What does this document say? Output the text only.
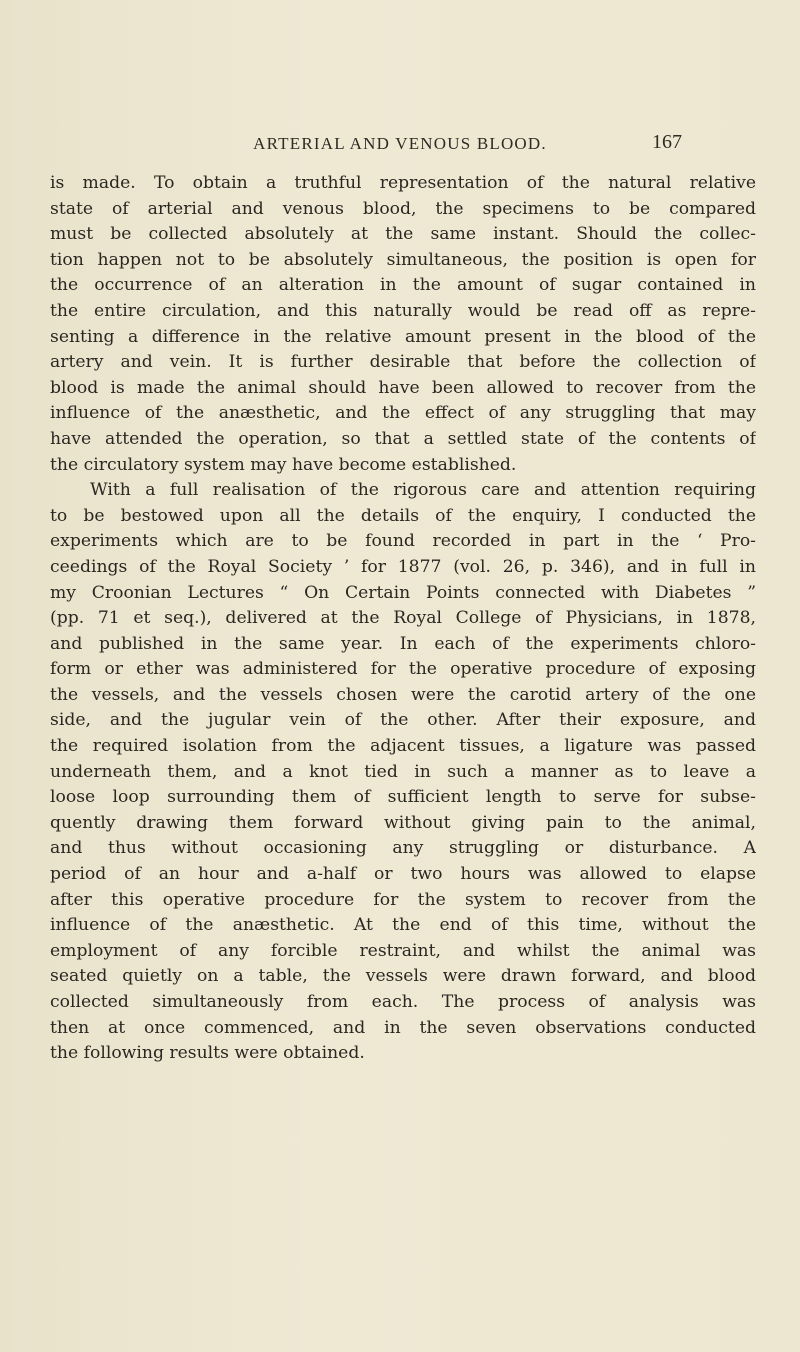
ARTERIAL AND VENOUS BLOOD.	167
is made. To obtain a truthful representation of the natural relative
state of arterial and venous blood, the specimens to be compared
must be collected absolutely at the same instant. Should the collec-
tion happen not to be absolutely simultaneous, the position is open for
the occurrence of an alteration in the amount of sugar contained in
the entire circulation, and this naturally would be read off as repre-
senting a difference in the relative amount present in the blood of the
artery and vein. It is further desirable that before the collection of
blood is made the animal should have been allowed to recover from the
influence of the anæsthetic, and the effect of any struggling that may
have attended the operation, so that a settled state of the contents of
the circulatory system may have become established.
With a full realisation of the rigorous care and attention requiring
to be bestowed upon all the details of the enquiry, I conducted the
experiments which are to be found recorded in part in the ‘ Pro-
ceedings of the Royal Society ’ for 1877 (vol. 26, p. 346), and in full in
my Croonian Lectures “ On Certain Points connected with Diabetes ”
(pp. 71 et seq.), delivered at the Royal College of Physicians, in 1878,
and published in the same year. In each of the experiments chloro-
form or ether was administered for the operative procedure of exposing
the vessels, and the vessels chosen were the carotid artery of the one
side, and the jugular vein of the other. After their exposure, and
the required isolation from the adjacent tissues, a ligature was passed
underneath them, and a knot tied in such a manner as to leave a
loose loop surrounding them of sufficient length to serve for subse-
quently drawing them forward without giving pain to the animal,
and thus without occasioning any struggling or disturbance. A
period of an hour and a-half or two hours was allowed to elapse
after this operative procedure for the system to recover from the
influence of the anæsthetic. At the end of this time, without the
employment of any forcible restraint, and whilst the animal was
seated quietly on a table, the vessels were drawn forward, and blood
collected simultaneously from each. The process of analysis was
then at once commenced, and in the seven observations conducted
the following results were obtained.
